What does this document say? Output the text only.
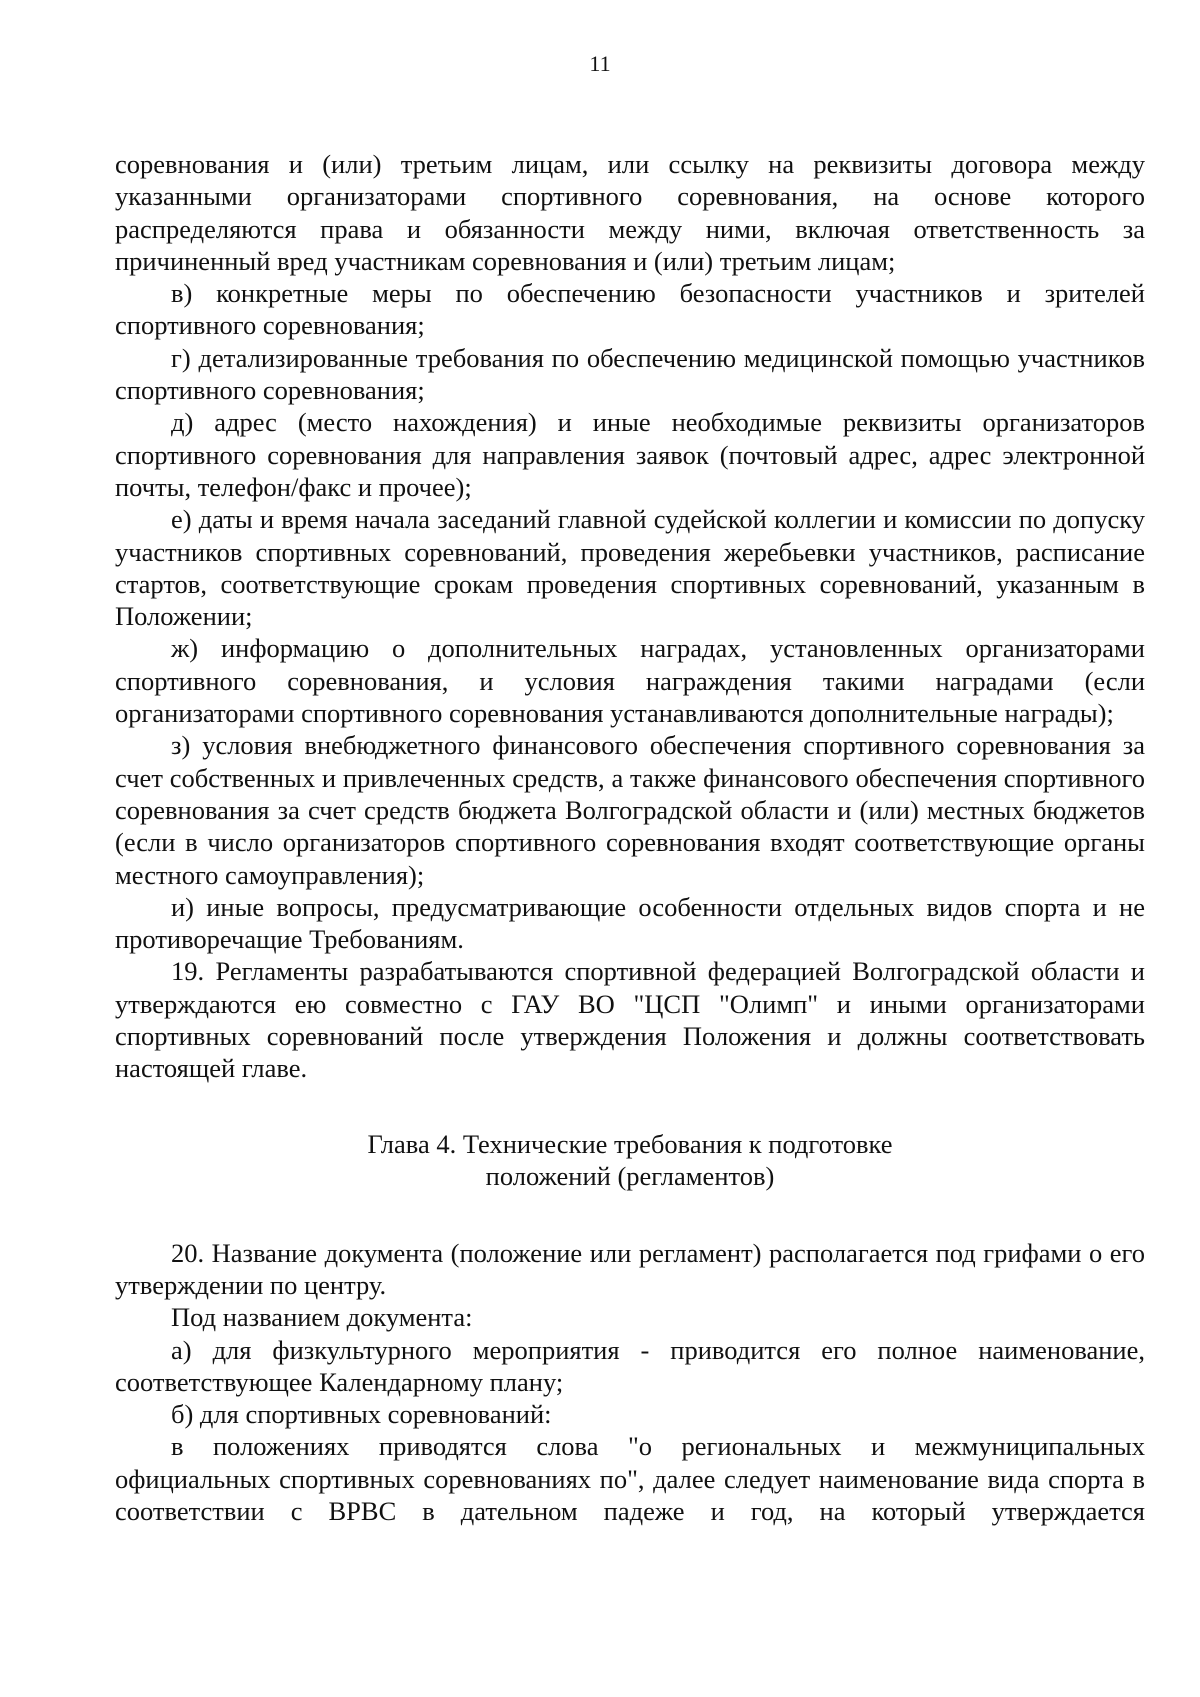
11

соревнования и (или) третьим лицам, или ссылку на реквизиты договора между указанными организаторами спортивного соревнования, на основе которого распределяются права и обязанности между ними, включая ответственность за причиненный вред участникам соревнования и (или) третьим лицам;

в) конкретные меры по обеспечению безопасности участников и зрителей спортивного соревнования;

г) детализированные требования по обеспечению медицинской помощью участников спортивного соревнования;

д) адрес (место нахождения) и иные необходимые реквизиты организаторов спортивного соревнования для направления заявок (почтовый адрес, адрес электронной почты, телефон/факс и прочее);

е) даты и время начала заседаний главной судейской коллегии и комиссии по допуску участников спортивных соревнований, проведения жеребьевки участников, расписание стартов, соответствующие срокам проведения спортивных соревнований, указанным в Положении;

ж) информацию о дополнительных наградах, установленных организаторами спортивного соревнования, и условия награждения такими наградами (если организаторами спортивного соревнования устанавливаются дополнительные награды);

з) условия внебюджетного финансового обеспечения спортивного соревнования за счет собственных и привлеченных средств, а также финансового обеспечения спортивного соревнования за счет средств бюджета Волгоградской области и (или) местных бюджетов (если в число организаторов спортивного соревнования входят соответствующие органы местного самоуправления);

и) иные вопросы, предусматривающие особенности отдельных видов спорта и не противоречащие Требованиям.

19. Регламенты разрабатываются спортивной федерацией Волгоградской области и утверждаются ею совместно с ГАУ ВО "ЦСП "Олимп" и иными организаторами спортивных соревнований после утверждения Положения и должны соответствовать настоящей главе.

Глава 4. Технические требования к подготовке
положений (регламентов)

20. Название документа (положение или регламент) располагается под грифами о его утверждении по центру.

Под названием документа:

а) для физкультурного мероприятия - приводится его полное наименование, соответствующее Календарному плану;

б) для спортивных соревнований:

в положениях приводятся слова "о региональных и межмуниципальных официальных спортивных соревнованиях по", далее следует наименование вида спорта в соответствии с ВРВС в дательном падеже и год, на который утверждается
